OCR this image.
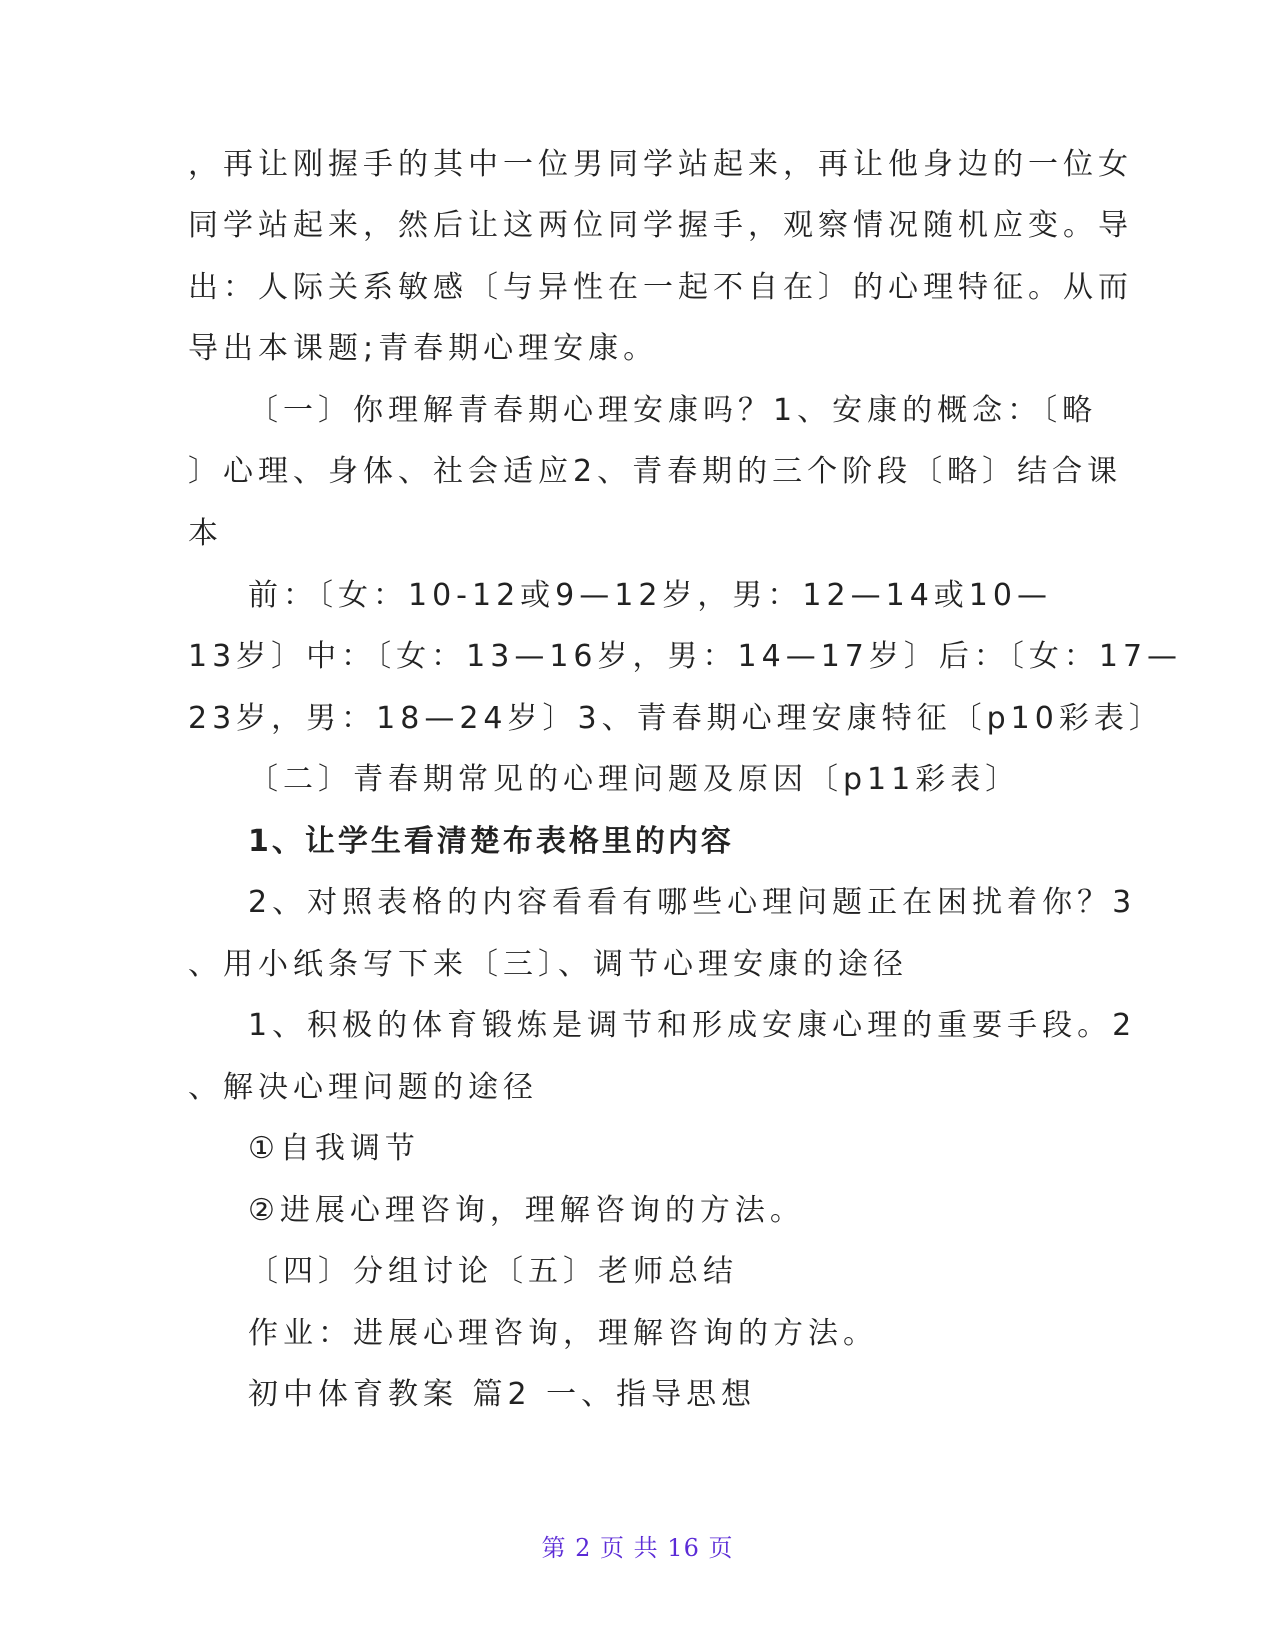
，再让刚握手的其中一位男同学站起来，再让他身边的一位女
同学站起来，然后让这两位同学握手，观察情况随机应变。导
出：人际关系敏感〔与异性在一起不自在〕的心理特征。从而
导出本课题;青春期心理安康。
〔一〕你理解青春期心理安康吗？1、安康的概念：〔略
〕心理、身体、社会适应2、青春期的三个阶段〔略〕结合课
本
前：〔女：10-12或9—12岁，男：12—14或10—
13岁〕中：〔女：13—16岁，男：14—17岁〕后：〔女：17—
23岁，男：18—24岁〕3、青春期心理安康特征〔p10彩表〕
〔二〕青春期常见的心理问题及原因〔p11彩表〕
1、让学生看清楚布表格里的内容
2、对照表格的内容看看有哪些心理问题正在困扰着你？3
、用小纸条写下来〔三〕、调节心理安康的途径
1、积极的体育锻炼是调节和形成安康心理的重要手段。2
、解决心理问题的途径
①自我调节
②进展心理咨询，理解咨询的方法。
〔四〕分组讨论〔五〕老师总结
作业：进展心理咨询，理解咨询的方法。
初中体育教案 篇2 一、指导思想
第 2 页 共 16 页
